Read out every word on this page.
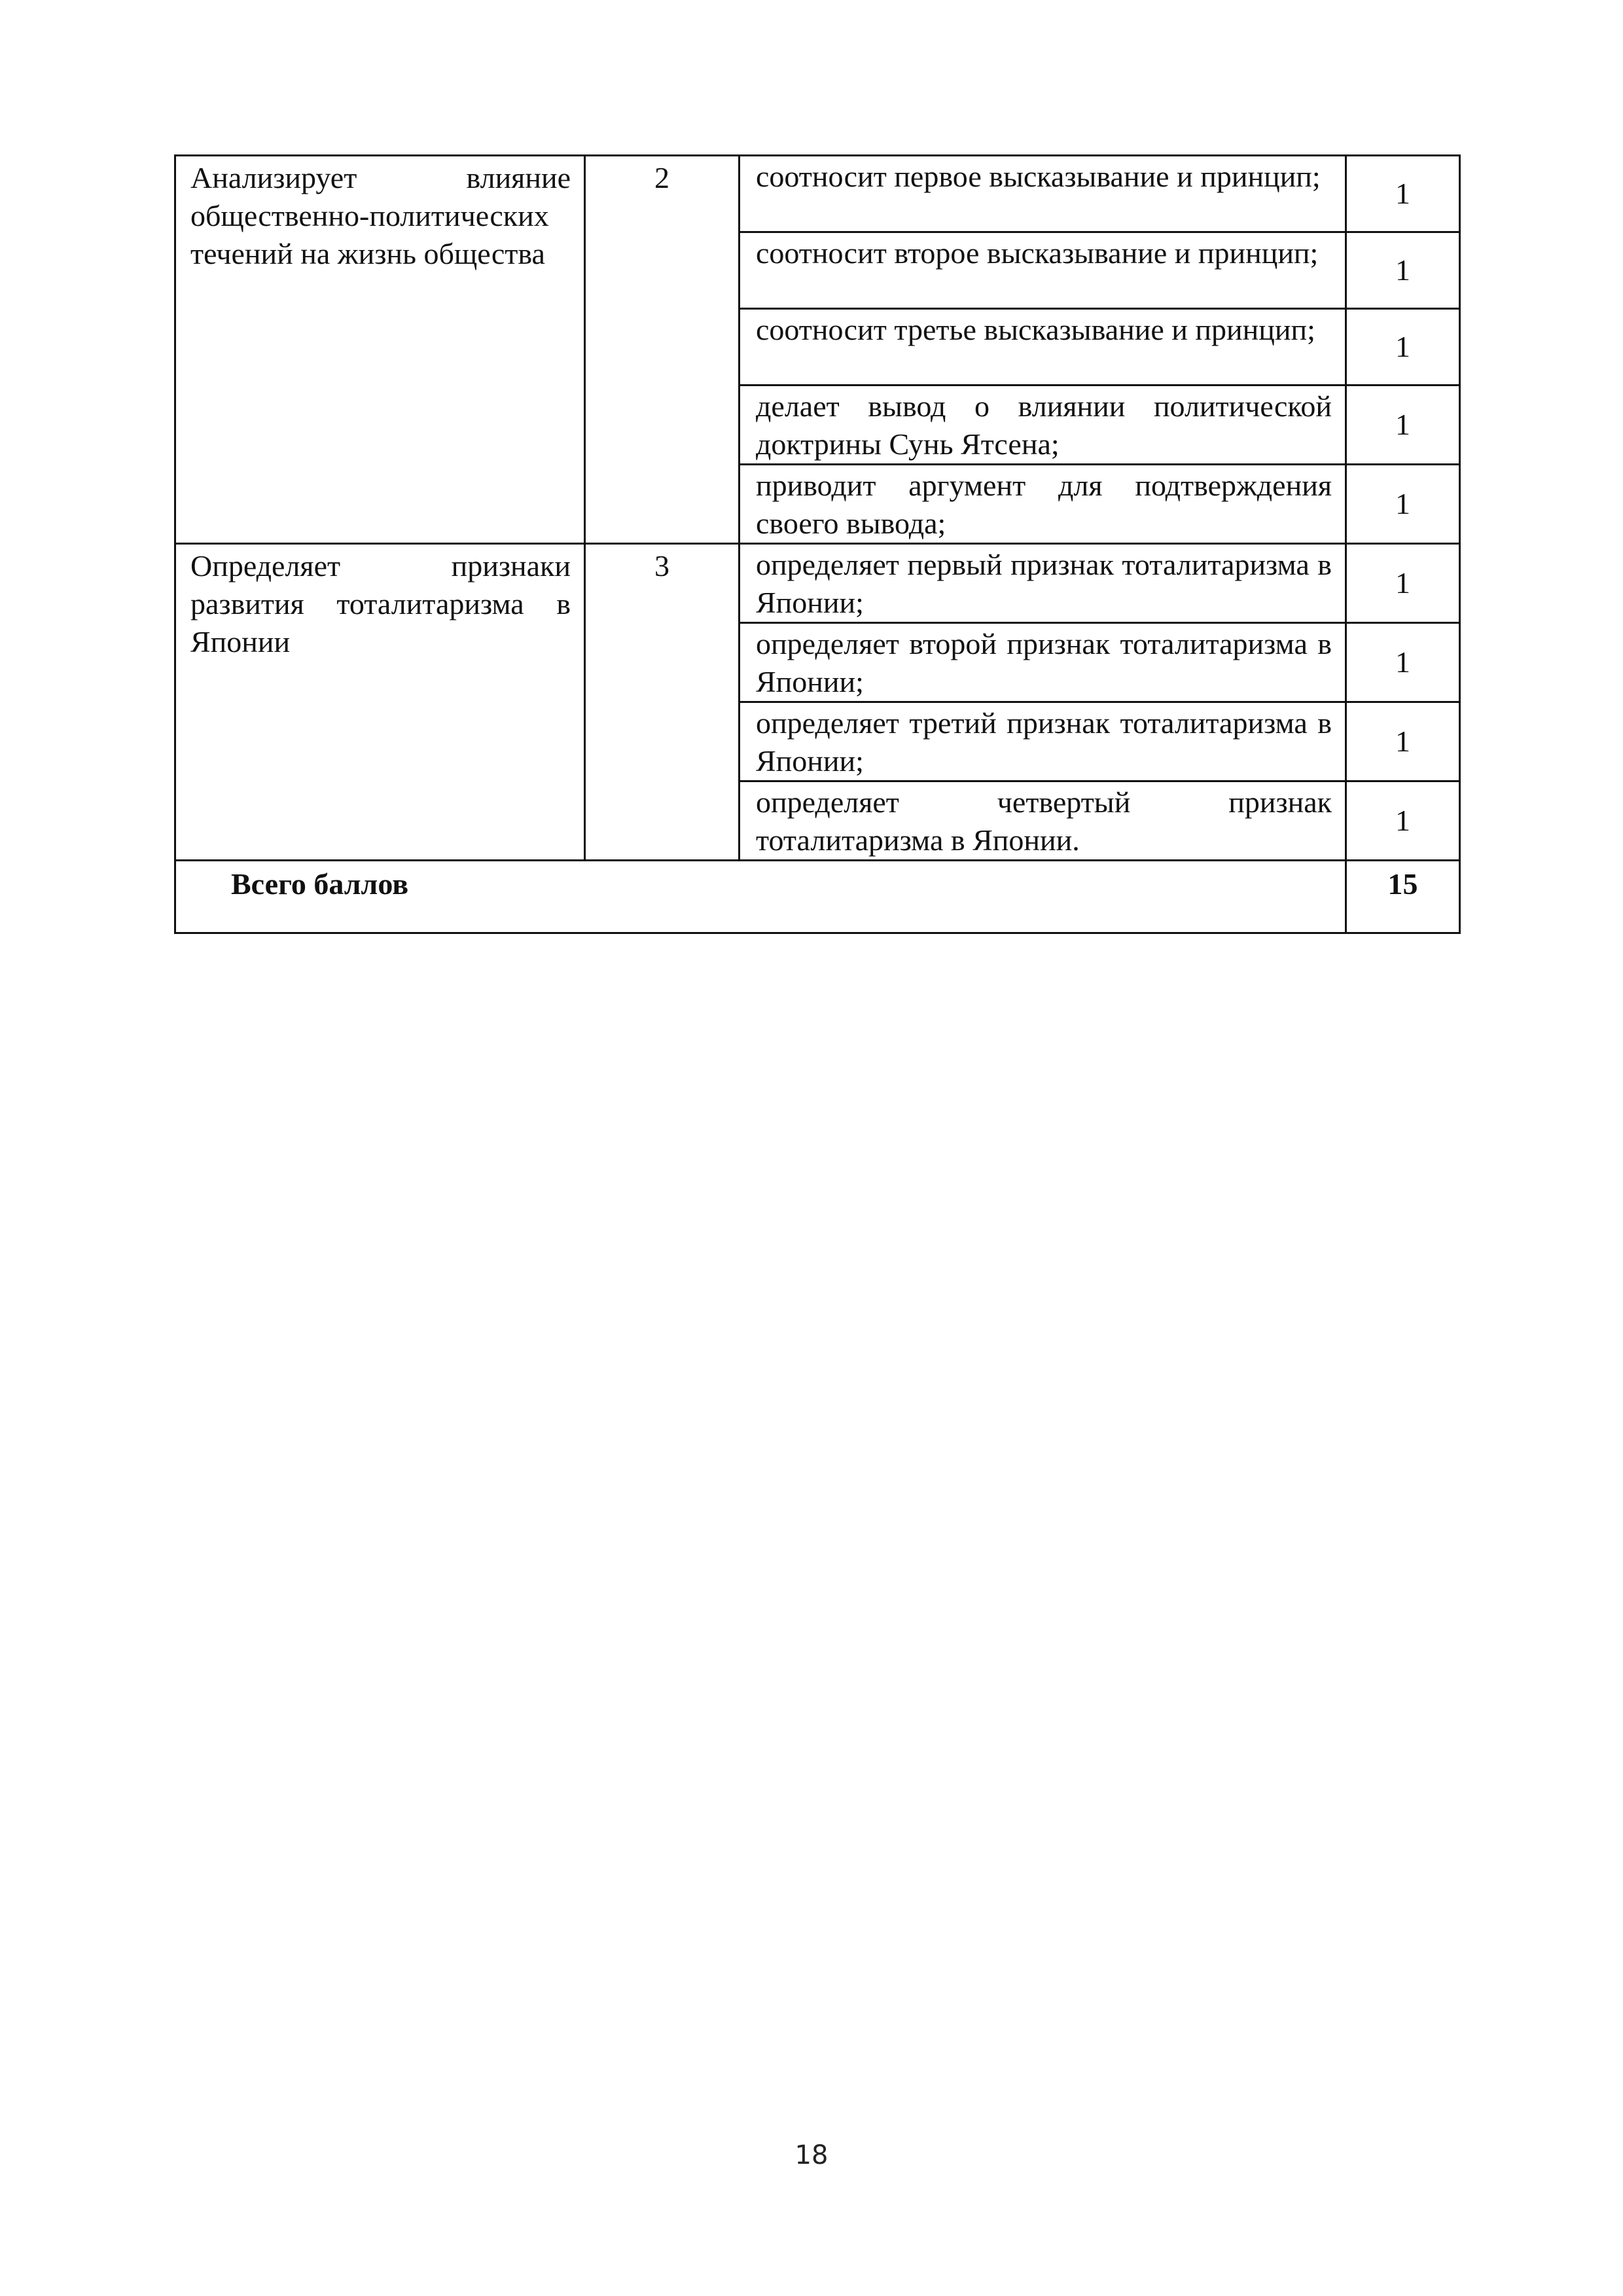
Анализирует влияние общественно-политических течений на жизнь общества	2	соотносит первое высказывание и принцип;	1
		соотносит второе высказывание и принцип;	1
		соотносит третье высказывание и принцип;	1
		делает вывод о влиянии политической доктрины Сунь Ятсена;	1
		приводит аргумент для подтверждения своего вывода;	1
Определяет признаки развития тоталитаризма в Японии	3	определяет первый признак тоталитаризма в Японии;	1
		определяет второй признак тоталитаризма в Японии;	1
		определяет третий признак тоталитаризма в Японии;	1
		определяет четвертый признак тоталитаризма в Японии.	1
Всего баллов			15
18
